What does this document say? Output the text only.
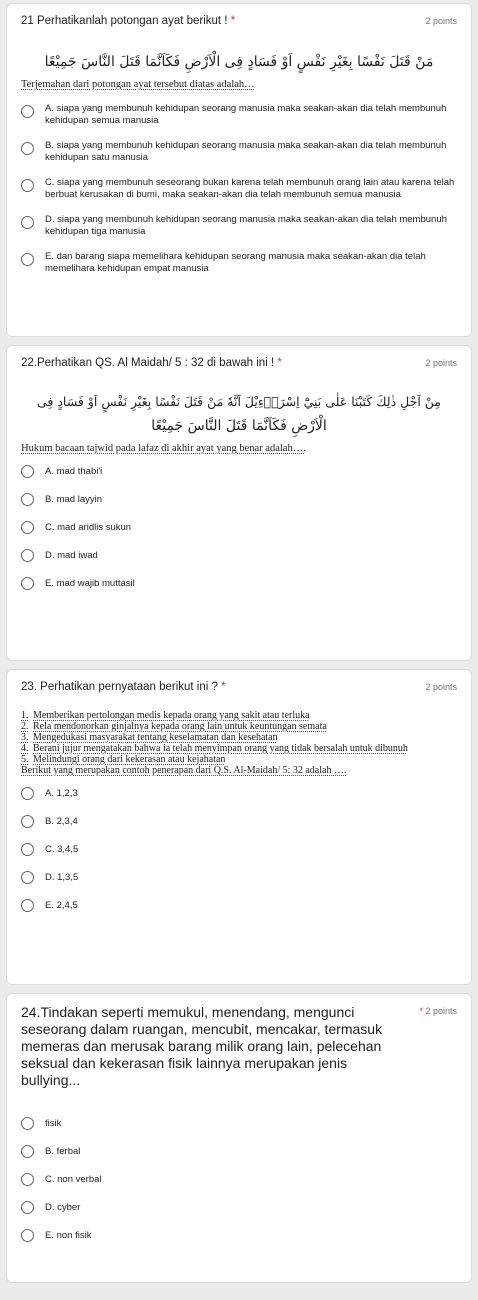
21 Perhatikanlah potongan ayat berikut ! *	2 points
مَنْ قَتَلَ نَفْسًا بِغَيْرِ نَفْسٍ اَوْ فَسَادٍ فِى الْاَرْضِ فَكَاَنَّمَا قَتَلَ النَّاسَ جَمِيْعًا
Terjemahan dari potongan ayat tersebut diatas adalah…
A. siapa yang membunuh kehidupan seorang manusia maka seakan-akan dia telah membunuh kehidupan semua manusia
B. siapa yang membunuh kehidupan seorang manusia maka seakan-akan dia telah membunuh kehidupan satu manusia
C. siapa yang membunuh seseorang bukan karena telah membunuh orang lain atau karena telah berbuat kerusakan di bumi, maka seakan-akan dia telah membunuh semua manusia
D. siapa yang membunuh kehidupan seorang manusia maka seakan-akan dia telah membunuh kehidupan tiga manusia
E. dan barang siapa memelihara kehidupan seorang manusia maka seakan-akan dia telah memelihara kehidupan empat manusia
22.Perhatikan QS. Al Maidah/ 5 : 32 di bawah ini ! *	2 points
مِنْ اَجْلِ ذٰلِكَ كَتَبْنَا عَلٰى بَنِيْٓ اِسْرَاۤءِيْلَ اَنَّهٗ مَنْ قَتَلَ نَفْسًا بِغَيْرِ نَفْسٍ اَوْ فَسَادٍ فِى
الْاَرْضِ فَكَاَنَّمَا قَتَلَ النَّاسَ جَمِيْعًا
Hukum bacaan tajwid pada lafaz di akhir ayat yang benar adalah….
A. mad thabi'i
B. mad layyin
C. mad aridlis sukun
D. mad iwad
E. mad wajib muttasil
23. Perhatikan pernyataan berikut ini ? *	2 points
1. Memberikan pertolongan medis kepada orang yang sakit atau terluka
2. Rela mendonorkan ginjalnya kepada orang lain untuk keuntungan semata
3. Mengedukasi masyarakat tentang keselamatan dan kesehatan
4. Berani jujur mengatakan bahwa ia telah menyimpan orang yang tidak bersalah untuk dibunuh
5. Melindungi orang dari kekerasan atau kejahatan
Berikut yang merupakan contoh penerapan dari Q.S. Al-Maidah/ 5: 32 adalah ….
A. 1,2,3
B. 2,3,4
C. 3,4,5
D. 1,3,5
E. 2,4,5
24.Tindakan seperti memukul, menendang, mengunci seseorang dalam ruangan, mencubit, mencakar, termasuk memeras dan merusak barang milik orang lain, pelecehan seksual dan kekerasan fisik lainnya merupakan jenis bullying...
* 2 points
fisik
B. ferbal
C. non verbal
D. cyber
E. non fisik
